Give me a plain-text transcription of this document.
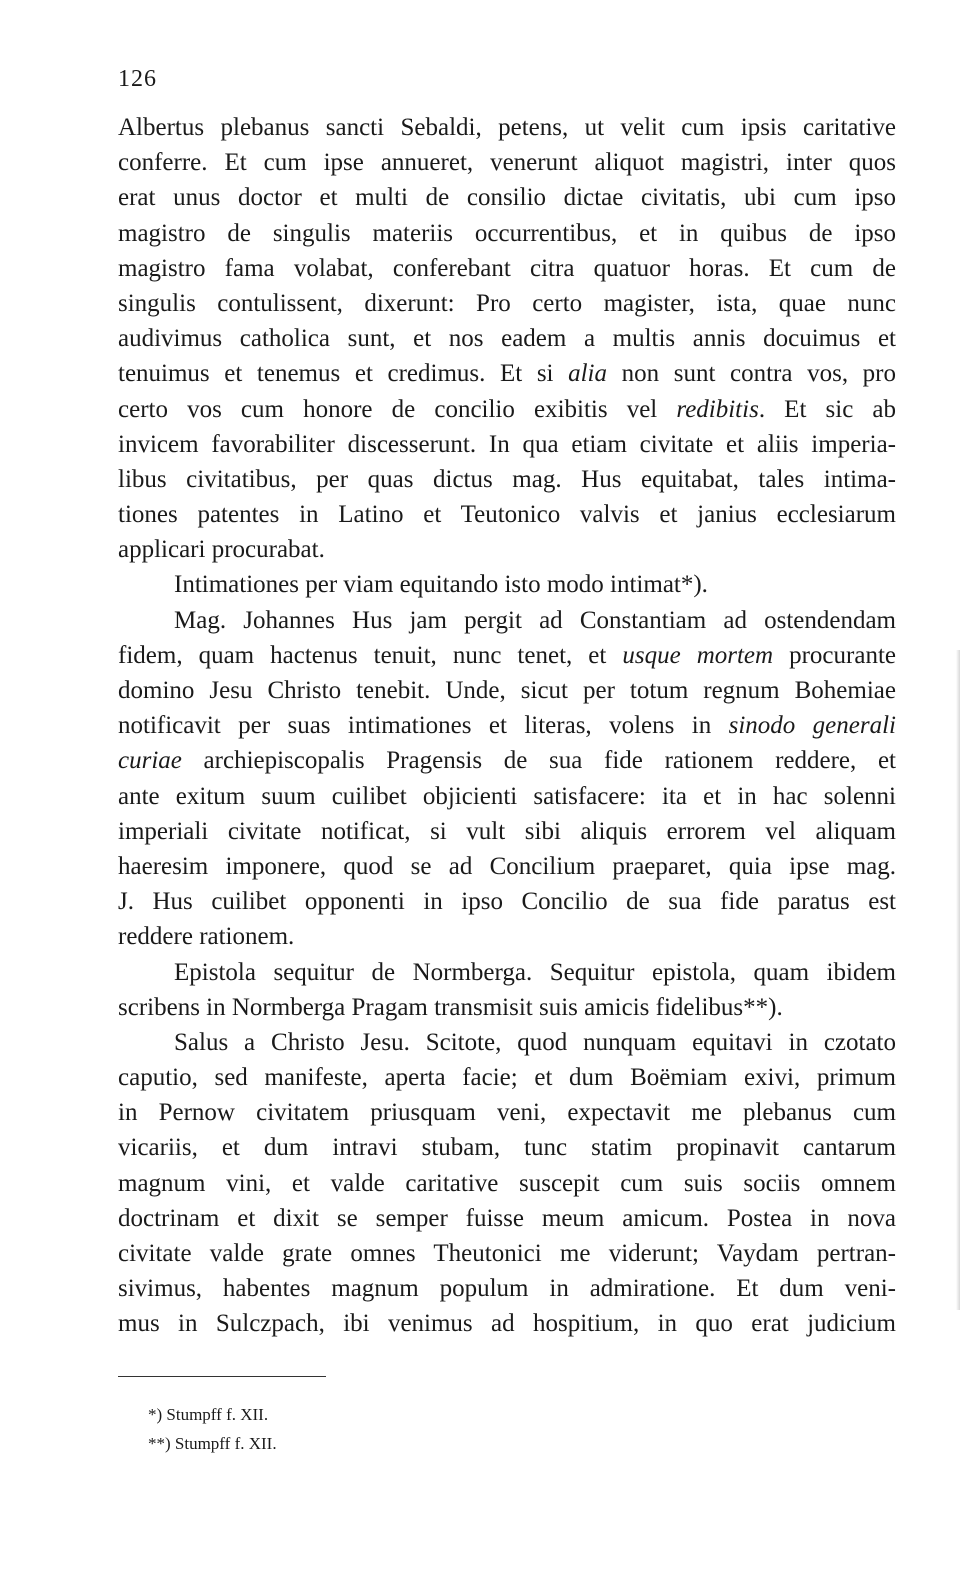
126
Albertus plebanus sancti Sebaldi, petens, ut velit cum ipsis caritative
conferre. Et cum ipse annueret, venerunt aliquot magistri, inter quos
erat unus doctor et multi de consilio dictae civitatis, ubi cum ipso
magistro de singulis materiis occurrentibus, et in quibus de ipso
magistro fama volabat, conferebant citra quatuor horas. Et cum de
singulis contulissent, dixerunt: Pro certo magister, ista, quae nunc
audivimus catholica sunt, et nos eadem a multis annis docuimus et
tenuimus et tenemus et credimus. Et si alia non sunt contra vos, pro
certo vos cum honore de concilio exibitis vel redibitis. Et sic ab
invicem favorabiliter discesserunt. In qua etiam civitate et aliis imperia-
libus civitatibus, per quas dictus mag. Hus equitabat, tales intima-
tiones patentes in Latino et Teutonico valvis et janius ecclesiarum
applicari procurabat.
Intimationes per viam equitando isto modo intimat*).
Mag. Johannes Hus jam pergit ad Constantiam ad ostendendam
fidem, quam hactenus tenuit, nunc tenet, et usque mortem procurante
domino Jesu Christo tenebit. Unde, sicut per totum regnum Bohemiae
notificavit per suas intimationes et literas, volens in sinodo generali
curiae archiepiscopalis Pragensis de sua fide rationem reddere, et
ante exitum suum cuilibet objicienti satisfacere: ita et in hac solenni
imperiali civitate notificat, si vult sibi aliquis errorem vel aliquam
haeresim imponere, quod se ad Concilium praeparet, quia ipse mag.
J. Hus cuilibet opponenti in ipso Concilio de sua fide paratus est
reddere rationem.
Epistola sequitur de Normberga. Sequitur epistola, quam ibidem
scribens in Normberga Pragam transmisit suis amicis fidelibus**).
Salus a Christo Jesu. Scitote, quod nunquam equitavi in czotato
caputio, sed manifeste, aperta facie; et dum Boëmiam exivi, primum
in Pernow civitatem priusquam veni, expectavit me plebanus cum
vicariis, et dum intravi stubam, tunc statim propinavit cantarum
magnum vini, et valde caritative suscepit cum suis sociis omnem
doctrinam et dixit se semper fuisse meum amicum. Postea in nova
civitate valde grate omnes Theutonici me viderunt; Vaydam pertran-
sivimus, habentes magnum populum in admiratione. Et dum veni-
mus in Sulczpach, ibi venimus ad hospitium, in quo erat judicium
*) Stumpff f. XII.
**) Stumpff f. XII.
